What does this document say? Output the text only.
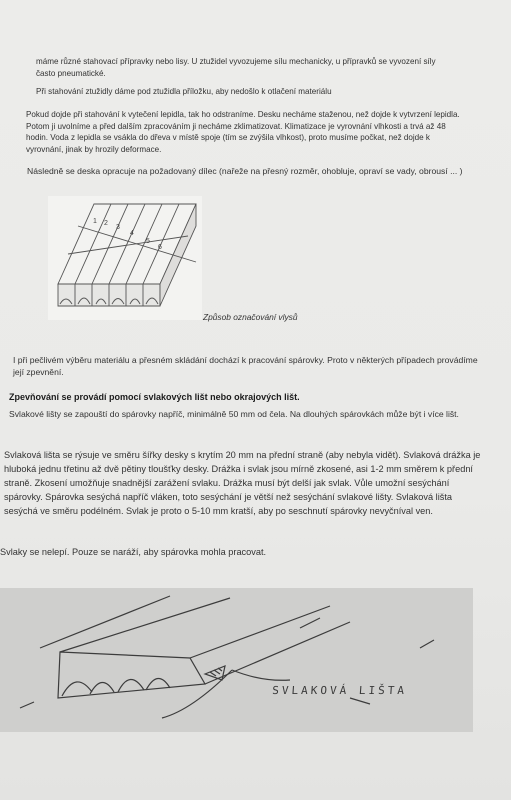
máme různé stahovací přípravky nebo lisy. U ztužidel vyvozujeme sílu mechanicky, u přípravků se vyvození síly často pneumatické.

Při stahování ztužidly dáme pod ztužidla příložku, aby nedošlo k otlačení materiálu

Pokud dojde při stahování k vytečení lepidla, tak ho odstraníme. Desku necháme staženou, než dojde k vytvrzení lepidla. Potom ji uvolníme a před dalším zpracováním ji necháme zklimatizovat. Klimatizace je vyrovnání vlhkosti a trvá až 48 hodin. Voda z lepidla se vsákla do dřeva v místě spoje (tím se zvýšila vlhkost), proto musíme počkat, než dojde k vyrovnání, jinak by hrozily deformace.

Následně se deska opracuje na požadovaný dílec (nařeže na přesný rozměr, ohobluje, opraví se vady, obrousí ... )

1 2
3
4
5
6
Způsob označování vlysů

I při pečlivém výběru materiálu a přesném skládání dochází k pracování spárovky. Proto v některých případech provádíme její zpevnění.

Zpevňování se provádí pomocí svlakových lišt nebo okrajových lišt.

Svlakové lišty se zapouští do spárovky napříč, minimálně 50 mm od čela. Na dlouhých spárovkách může být i více lišt.

Svlaková lišta se rýsuje ve směru šířky desky s krytím 20 mm na přední straně (aby nebyla vidět). Svlaková drážka je hluboká jednu třetinu až dvě pětiny tloušťky desky. Drážka i svlak jsou mírně zkosené, asi 1-2 mm směrem k přední straně. Zkosení umožňuje snadnější zarážení svlaku. Drážka musí být delší jak svlak. Vůle umožní sesýchání spárovky. Spárovka sesýchá napříč vláken, toto sesýchání je větší než sesýchání svlakové lišty. Svlaková lišta sesýchá ve směru podélném. Svlak je proto o 5-10 mm kratší, aby po seschnutí spárovky nevyčníval ven.

Svlaky se nelepí. Pouze se naráží, aby spárovka mohla pracovat.

SVLAKOVÁ LIŠTA
